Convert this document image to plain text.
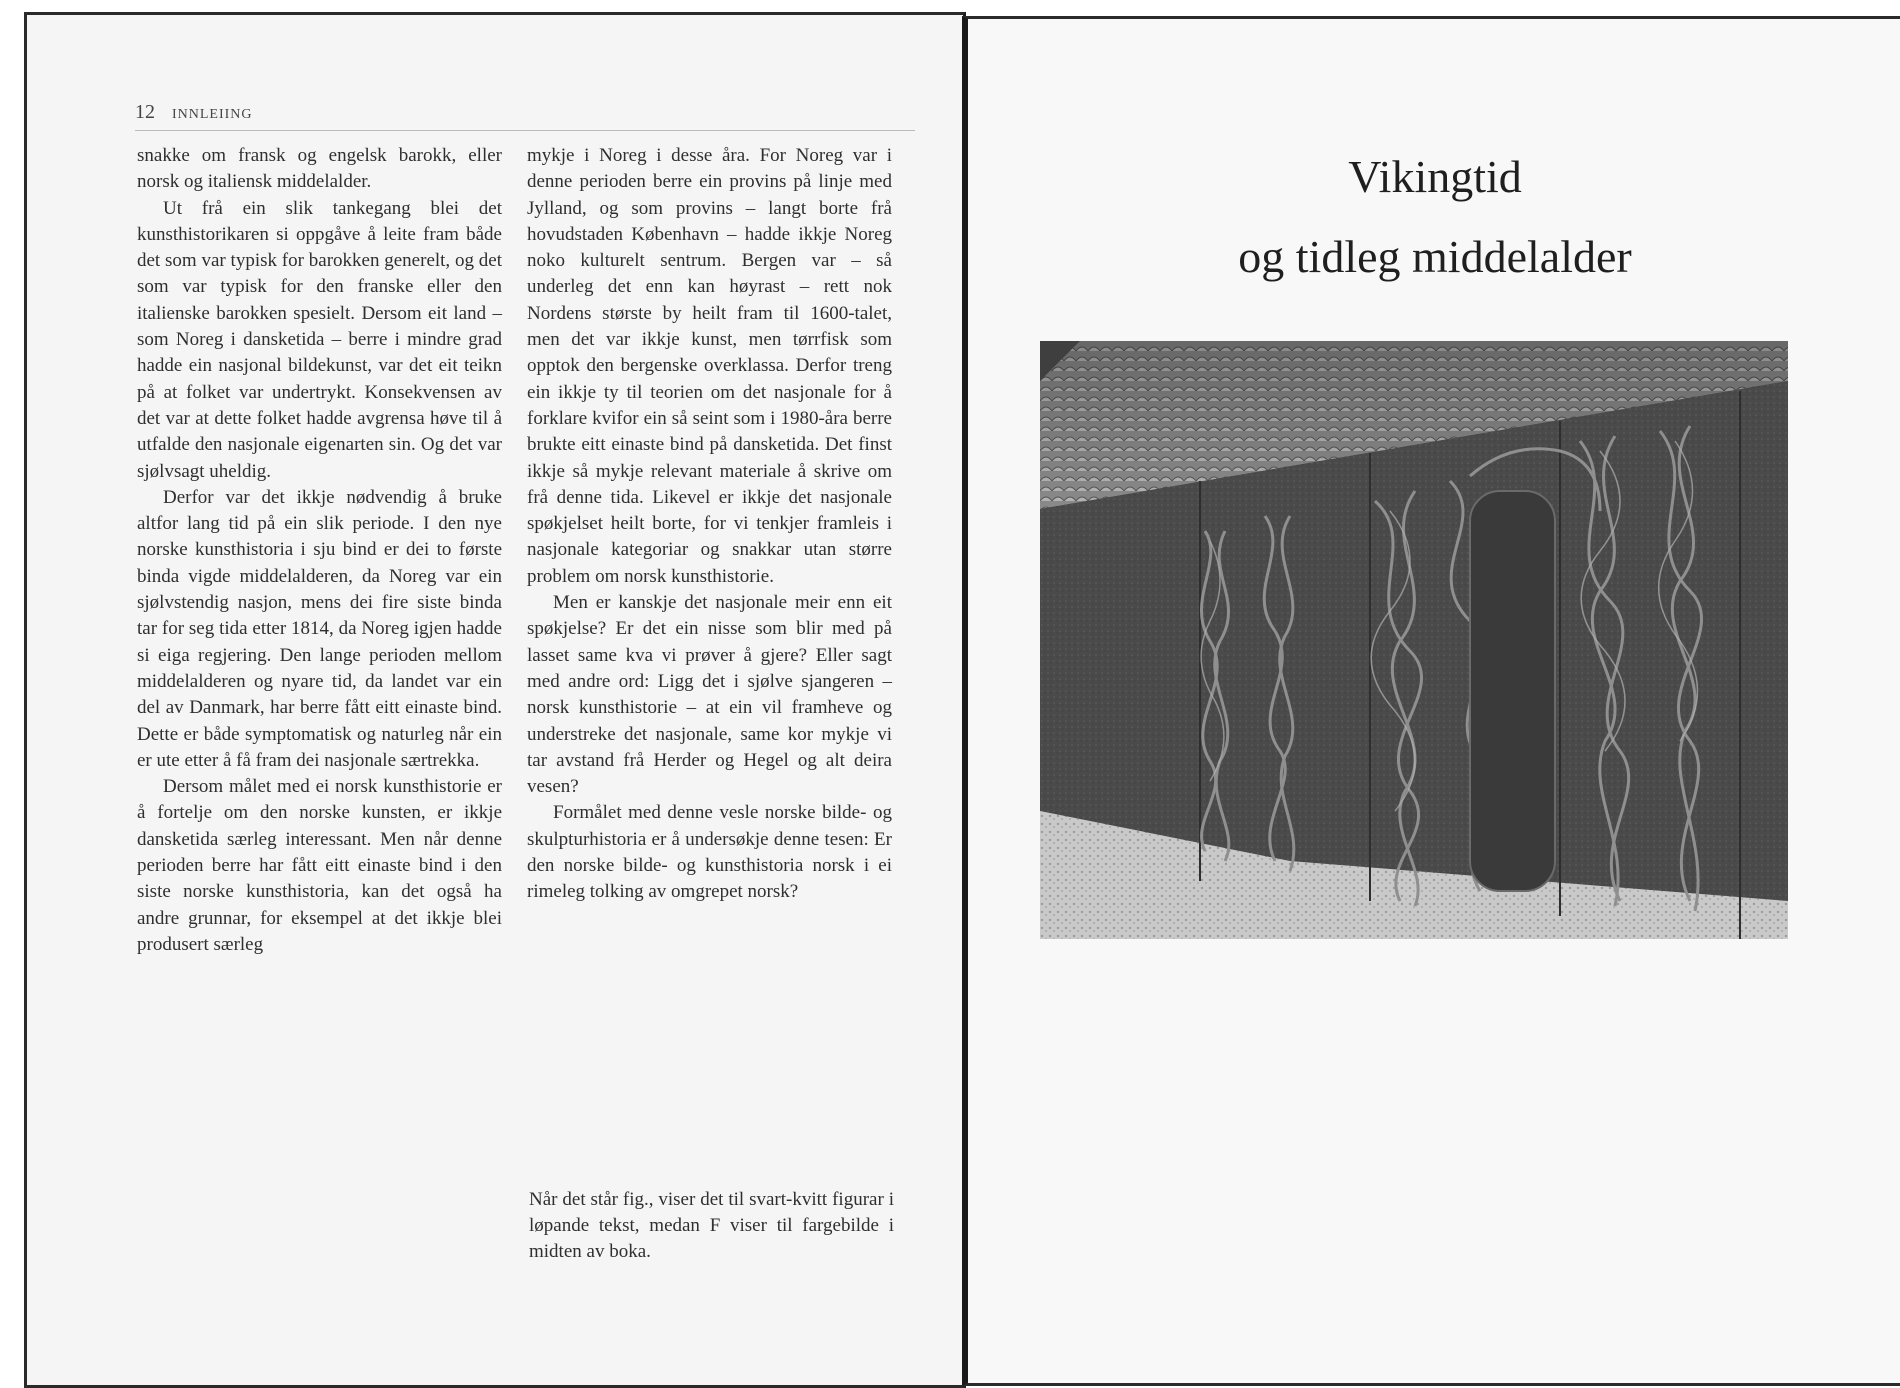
12 INNLEIING

snakke om fransk og engelsk barokk, eller norsk og italiensk middelalder.

Ut frå ein slik tankegang blei det kunsthistorikaren si oppgåve å leite fram både det som var typisk for barokken generelt, og det som var typisk for den franske eller den italienske barokken spesielt. Dersom eit land – som Noreg i dansketida – berre i mindre grad hadde ein nasjonal bildekunst, var det eit teikn på at folket var undertrykt. Konsekvensen av det var at dette folket hadde avgrensa høve til å utfalde den nasjonale eigenarten sin. Og det var sjølvsagt uheldig.

Derfor var det ikkje nødvendig å bruke altfor lang tid på ein slik periode. I den nye norske kunsthistoria i sju bind er dei to første binda vigde middelalderen, da Noreg var ein sjølvstendig nasjon, mens dei fire siste binda tar for seg tida etter 1814, da Noreg igjen hadde si eiga regjering. Den lange perioden mellom middelalderen og nyare tid, da landet var ein del av Danmark, har berre fått eitt einaste bind. Dette er både symptomatisk og naturleg når ein er ute etter å få fram dei nasjonale særtrekka.

Dersom målet med ei norsk kunsthistorie er å fortelje om den norske kunsten, er ikkje dansketida særleg interessant. Men når denne perioden berre har fått eitt einaste bind i den siste norske kunsthistoria, kan det også ha andre grunnar, for eksempel at det ikkje blei produsert særleg

mykje i Noreg i desse åra. For Noreg var i denne perioden berre ein provins på linje med Jylland, og som provins – langt borte frå hovudstaden København – hadde ikkje Noreg noko kulturelt sentrum. Bergen var – så underleg det enn kan høyrast – rett nok Nordens største by heilt fram til 1600-talet, men det var ikkje kunst, men tørrfisk som opptok den bergenske overklassa. Derfor treng ein ikkje ty til teorien om det nasjonale for å forklare kvifor ein så seint som i 1980-åra berre brukte eitt einaste bind på dansketida. Det finst ikkje så mykje relevant materiale å skrive om frå denne tida. Likevel er ikkje det nasjonale spøkjelset heilt borte, for vi tenkjer framleis i nasjonale kategoriar og snakkar utan større problem om norsk kunsthistorie.

Men er kanskje det nasjonale meir enn eit spøkjelse? Er det ein nisse som blir med på lasset same kva vi prøver å gjere? Eller sagt med andre ord: Ligg det i sjølve sjangeren – norsk kunsthistorie – at ein vil framheve og understreke det nasjonale, same kor mykje vi tar avstand frå Herder og Hegel og alt deira vesen?

Formålet med denne vesle norske bilde- og skulpturhistoria er å undersøkje denne tesen: Er den norske bilde- og kunsthistoria norsk i ei rimeleg tolking av omgrepet norsk?

Når det står fig., viser det til svart-kvitt figurar i løpande tekst, medan F viser til fargebilde i midten av boka.

Vikingtid
og tidleg middelalder
